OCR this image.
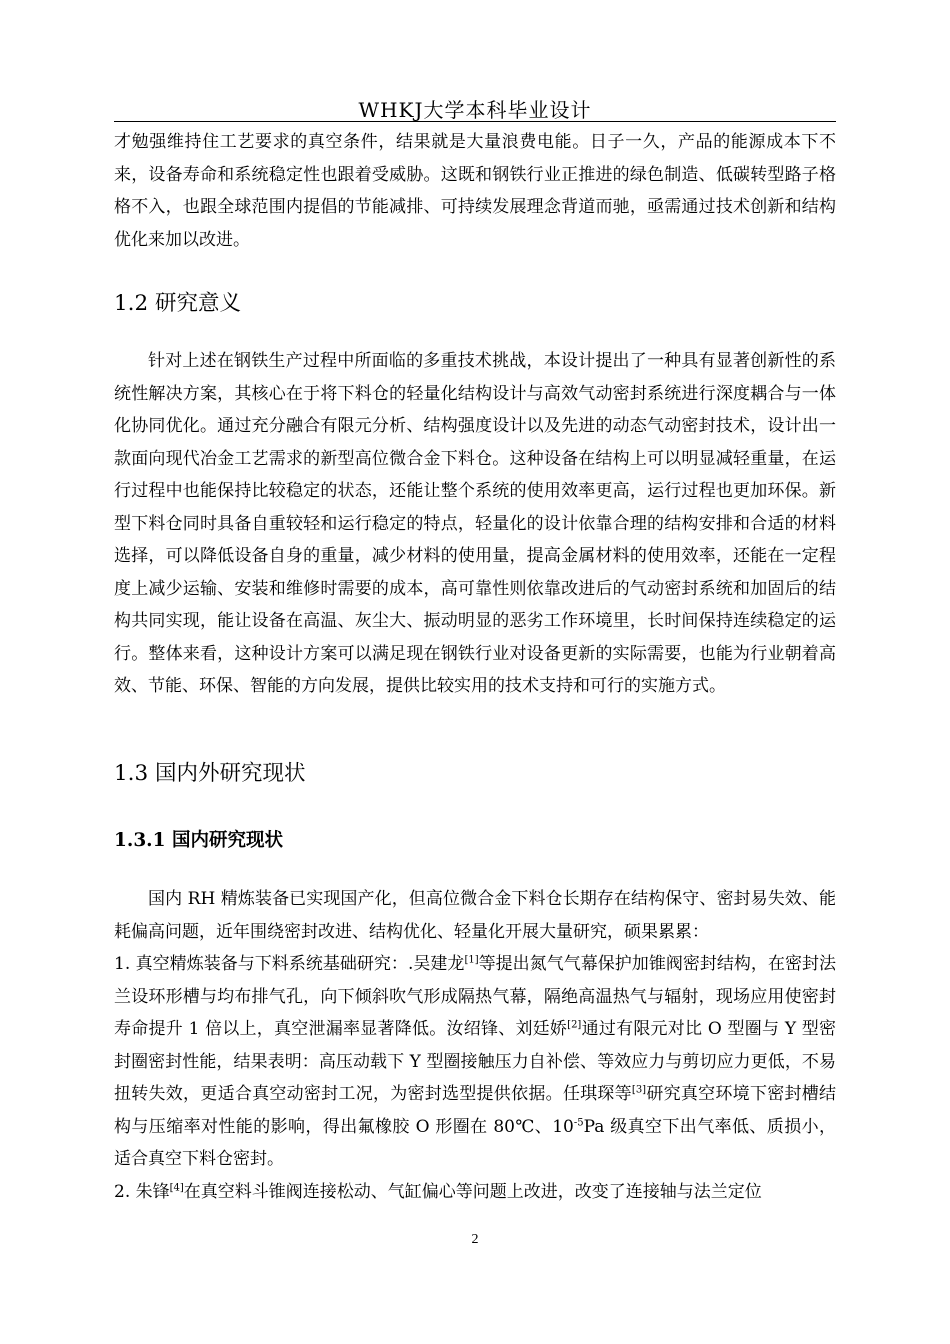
WHKJ大学本科毕业设计

才勉强维持住工艺要求的真空条件，结果就是大量浪费电能。日子一久，产品的能源成本下不来，设备寿命和系统稳定性也跟着受威胁。这既和钢铁行业正推进的绿色制造、低碳转型路子格格不入，也跟全球范围内提倡的节能减排、可持续发展理念背道而驰，亟需通过技术创新和结构优化来加以改进。

1.2 研究意义

针对上述在钢铁生产过程中所面临的多重技术挑战，本设计提出了一种具有显著创新性的系统性解决方案，其核心在于将下料仓的轻量化结构设计与高效气动密封系统进行深度耦合与一体化协同优化。通过充分融合有限元分析、结构强度设计以及先进的动态气动密封技术，设计出一款面向现代冶金工艺需求的新型高位微合金下料仓。这种设备在结构上可以明显减轻重量，在运行过程中也能保持比较稳定的状态，还能让整个系统的使用效率更高，运行过程也更加环保。新型下料仓同时具备自重较轻和运行稳定的特点，轻量化的设计依靠合理的结构安排和合适的材料选择，可以降低设备自身的重量，减少材料的使用量，提高金属材料的使用效率，还能在一定程度上减少运输、安装和维修时需要的成本，高可靠性则依靠改进后的气动密封系统和加固后的结构共同实现，能让设备在高温、灰尘大、振动明显的恶劣工作环境里，长时间保持连续稳定的运行。整体来看，这种设计方案可以满足现在钢铁行业对设备更新的实际需要，也能为行业朝着高效、节能、环保、智能的方向发展，提供比较实用的技术支持和可行的实施方式。

1.3 国内外研究现状
1.3.1 国内研究现状

国内 RH 精炼装备已实现国产化，但高位微合金下料仓长期存在结构保守、密封易失效、能耗偏高问题，近年围绕密封改进、结构优化、轻量化开展大量研究，硕果累累：

1. 真空精炼装备与下料系统基础研究：.吴建龙[1]等提出氮气气幕保护加锥阀密封结构，在密封法兰设环形槽与均布排气孔，向下倾斜吹气形成隔热气幕，隔绝高温热气与辐射，现场应用使密封寿命提升 1 倍以上，真空泄漏率显著降低。汝绍锋、刘廷娇[2]通过有限元对比 O 型圈与 Y 型密封圈密封性能，结果表明：高压动载下 Y 型圈接触压力自补偿、等效应力与剪切应力更低，不易扭转失效，更适合真空动密封工况，为密封选型提供依据。任琪琛等[3]研究真空环境下密封槽结构与压缩率对性能的影响，得出氟橡胶 O 形圈在 80℃、$10^{-5}Pa$ 级真空下出气率低、质损小，适合真空下料仓密封。

2. 朱锋[4]在真空料斗锥阀连接松动、气缸偏心等问题上改进，改变了连接轴与法兰定位

2
